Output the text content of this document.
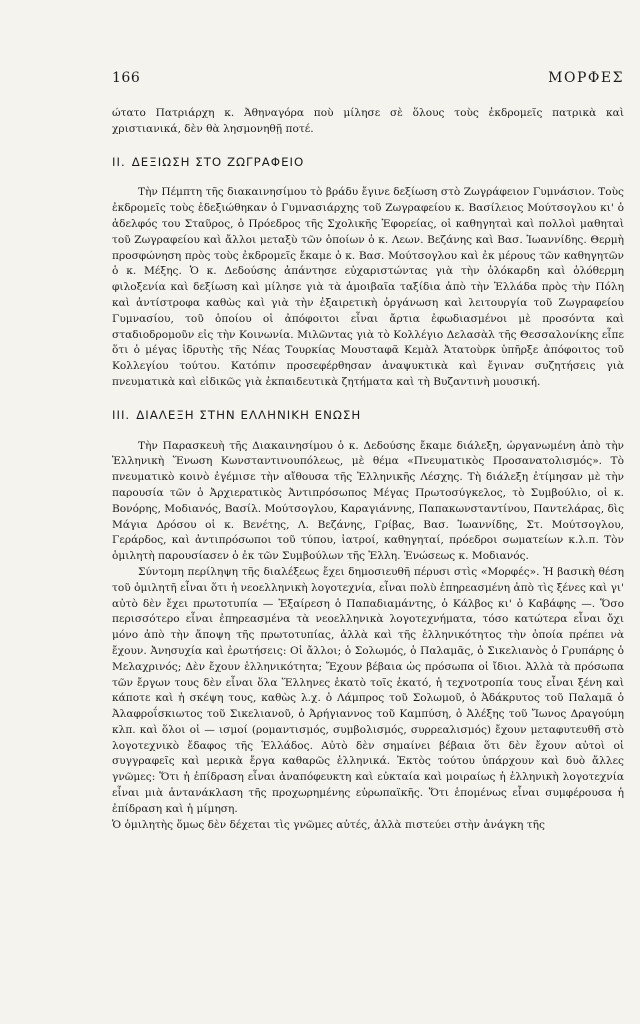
166	ΜΟΡΦΕΣ

ώτατο Πατριάρχη κ. Ἀθηναγόρα ποὺ μίλησε σὲ ὅλους τοὺς ἐκδρομεῖς πατρικὰ καὶ χριστιανικά, δὲν θὰ λησμονηθῇ ποτέ.

II. ΔΕΞΙΩΣΗ ΣΤΟ ΖΩΓΡΑΦΕΙΟ

Τὴν Πέμπτη τῆς διακαινησίμου τὸ βράδυ ἔγινε δεξίωση στὸ Ζωγράφειον Γυμνάσιον. Τοὺς ἐκδρομεῖς τοὺς ἐδεξιώθηκαν ὁ Γυμνασιάρχης τοῦ Ζωγραφείου κ. Βασίλειος Μούτσογλου κι' ὁ ἀδελφός του Σταῦρος, ὁ Πρόεδρος τῆς Σχολικῆς Ἐφορείας, οἱ καθηγηταὶ καὶ πολλοὶ μαθηταὶ τοῦ Ζωγραφείου καὶ ἄλλοι μεταξὺ τῶν ὁποίων ὁ κ. Λεων. Βεζάνης καὶ Βασ. Ἰωαννίδης. Θερμὴ προσφώνηση πρὸς τοὺς ἐκδρομεῖς ἔκαμε ὁ κ. Βασ. Μούτσογλου καὶ ἐκ μέρους τῶν καθηγητῶν ὁ κ. Μέξης. Ὁ κ. Δεδούσης ἀπάντησε εὐχαριστώντας γιὰ τὴν ὁλόκαρδη καὶ ὁλόθερμη φιλοξενία καὶ δεξίωση καὶ μίλησε γιὰ τὰ ἀμοιβαῖα ταξίδια ἀπὸ τὴν Ἑλλάδα πρὸς τὴν Πόλη καὶ ἀντίστροφα καθὼς καὶ γιὰ τὴν ἐξαιρετικὴ ὀργάνωση καὶ λειτουργία τοῦ Ζωγραφείου Γυμνασίου, τοῦ ὁποίου οἱ ἀπόφοιτοι εἶναι ἄρτια ἐφωδιασμένοι μὲ προσόντα καὶ σταδιοδρομοῦν εἰς τὴν Κοινωνία. Μιλῶντας γιὰ τὸ Κολλέγιο Δελασὰλ τῆς Θεσσαλονίκης εἶπε ὅτι ὁ μέγας ἱδρυτὴς τῆς Νέας Τουρκίας Μουσταφᾶ Κεμὰλ Ἀτατοὺρκ ὑπῆρξε ἀπόφοιτος τοῦ Κολλεγίου τούτου. Κατόπιν προσεφέρθησαν ἀναψυκτικὰ καὶ ἔγιναν συζητήσεις γιὰ πνευματικὰ καὶ εἰδικῶς γιὰ ἐκπαιδευτικὰ ζητήματα καὶ τὴ Βυζαντινὴ μουσική.

III. ΔΙΑΛΕΞΗ ΣΤΗΝ ΕΛΛΗΝΙΚΗ ΕΝΩΣΗ

Τὴν Παρασκευὴ τῆς Διακαινησίμου ὁ κ. Δεδούσης ἔκαμε διάλεξη, ὠργανωμένη ἀπὸ τὴν Ἑλληνικὴ Ἕνωση Κωνσταντινουπόλεως, μὲ θέμα «Πνευματικὸς Προσανατολισμός». Τὸ πνευματικὸ κοινὸ ἐγέμισε τὴν αἴθουσα τῆς Ἑλληνικῆς Λέσχης. Τὴ διάλεξη ἐτίμησαν μὲ τὴν παρουσία τῶν ὁ Ἀρχιερατικὸς Ἀντιπρόσωπος Μέγας Πρωτοσύγκελος, τὸ Συμβούλιο, οἱ κ. Βονόρης, Μοδιανός, Βασίλ. Μούτσογλου, Καραγιάννης, Παπακωνσταντίνου, Παντελάρας, δὶς Μάγια Δρόσου οἱ κ. Βενέτης, Λ. Βεζάνης, Γρίβας, Βασ. Ἰωαννίδης, Στ. Μούτσογλου, Γεράρδος, καὶ ἀντιπρόσωποι τοῦ τύπου, ἰατροί, καθηγηταί, πρόεδροι σωματείων κ.λ.π. Τὸν ὁμιλητὴ παρουσίασεν ὁ ἐκ τῶν Συμβούλων τῆς Ἑλλη. Ἑνώσεως κ. Μοδιανός.

Σύντομη περίληψη τῆς διαλέξεως ἔχει δημοσιευθῆ πέρυσι στὶς «Μορφές». Ἡ βασικὴ θέση τοῦ ὁμιλητῆ εἶναι ὅτι ἡ νεοελληνικὴ λογοτεχνία, εἶναι πολὺ ἐπηρεασμένη ἀπὸ τὶς ξένες καὶ γι' αὐτὸ δὲν ἔχει πρωτοτυπία — Ἐξαίρεση ὁ Παπαδιαμάντης, ὁ Κάλβος κι' ὁ Καβάφης —. Ὅσο περισσότερο εἶναι ἐπηρεασμένα τὰ νεοελληνικὰ λογοτεχνήματα, τόσο κατώτερα εἶναι ὄχι μόνο ἀπὸ τὴν ἄποψη τῆς πρωτοτυπίας, ἀλλὰ καὶ τῆς ἑλληνικότητος τὴν ὁποία πρέπει νὰ ἔχουν. Ἀνησυχία καὶ ἐρωτήσεις: Οἱ ἄλλοι; ὁ Σολωμός, ὁ Παλαμᾶς, ὁ Σικελιανὸς ὁ Γρυπάρης ὁ Μελαχρινός; Δὲν ἔχουν ἑλληνικότητα; Ἔχουν βέβαια ὡς πρόσωπα οἱ ἴδιοι. Ἀλλὰ τὰ πρόσωπα τῶν ἔργων τους δὲν εἶναι ὅλα Ἕλληνες ἑκατὸ τοῖς ἑκατό, ἡ τεχνοτροπία τους εἶναι ξένη καὶ κάποτε καὶ ἡ σκέψη τους, καθὼς λ.χ. ὁ Λάμπρος τοῦ Σολωμοῦ, ὁ Ἀδάκρυτος τοῦ Παλαμᾶ ὁ Ἀλαφροΐσκιωτος τοῦ Σικελιανοῦ, ὁ Ἀρήγιαννος τοῦ Καμπύση, ὁ Ἀλέξης τοῦ Ἴωνος Δραγούμη κλπ. καὶ ὅλοι οἱ — ισμοί (ρομαντισμός, συμβολισμός, συρρεαλισμός) ἔχουν μεταφυτευθῆ στὸ λογοτεχνικὸ ἔδαφος τῆς Ἑλλάδος. Αὐτὸ δὲν σημαίνει βέβαια ὅτι δὲν ἔχουν αὐτοὶ οἱ συγγραφεῖς καὶ μερικὰ ἔργα καθαρῶς ἑλληνικά. Ἐκτὸς τούτου ὑπάρχουν καὶ δυὸ ἄλλες γνῶμες: Ὅτι ἡ ἐπίδραση εἶναι ἀναπόφευκτη καὶ εὐκταία καὶ μοιραίως ἡ ἑλληνικὴ λογοτεχνία εἶναι μιὰ ἀντανάκλαση τῆς προχωρημένης εὐρωπαϊκῆς. Ὅτι ἑπομένως εἶναι συμφέρουσα ἡ ἐπίδραση καὶ ἡ μίμηση.

Ὁ ὁμιλητὴς ὅμως δὲν δέχεται τὶς γνῶμες αὐτές, ἀλλὰ πιστεύει στὴν ἀνάγκη τῆς
